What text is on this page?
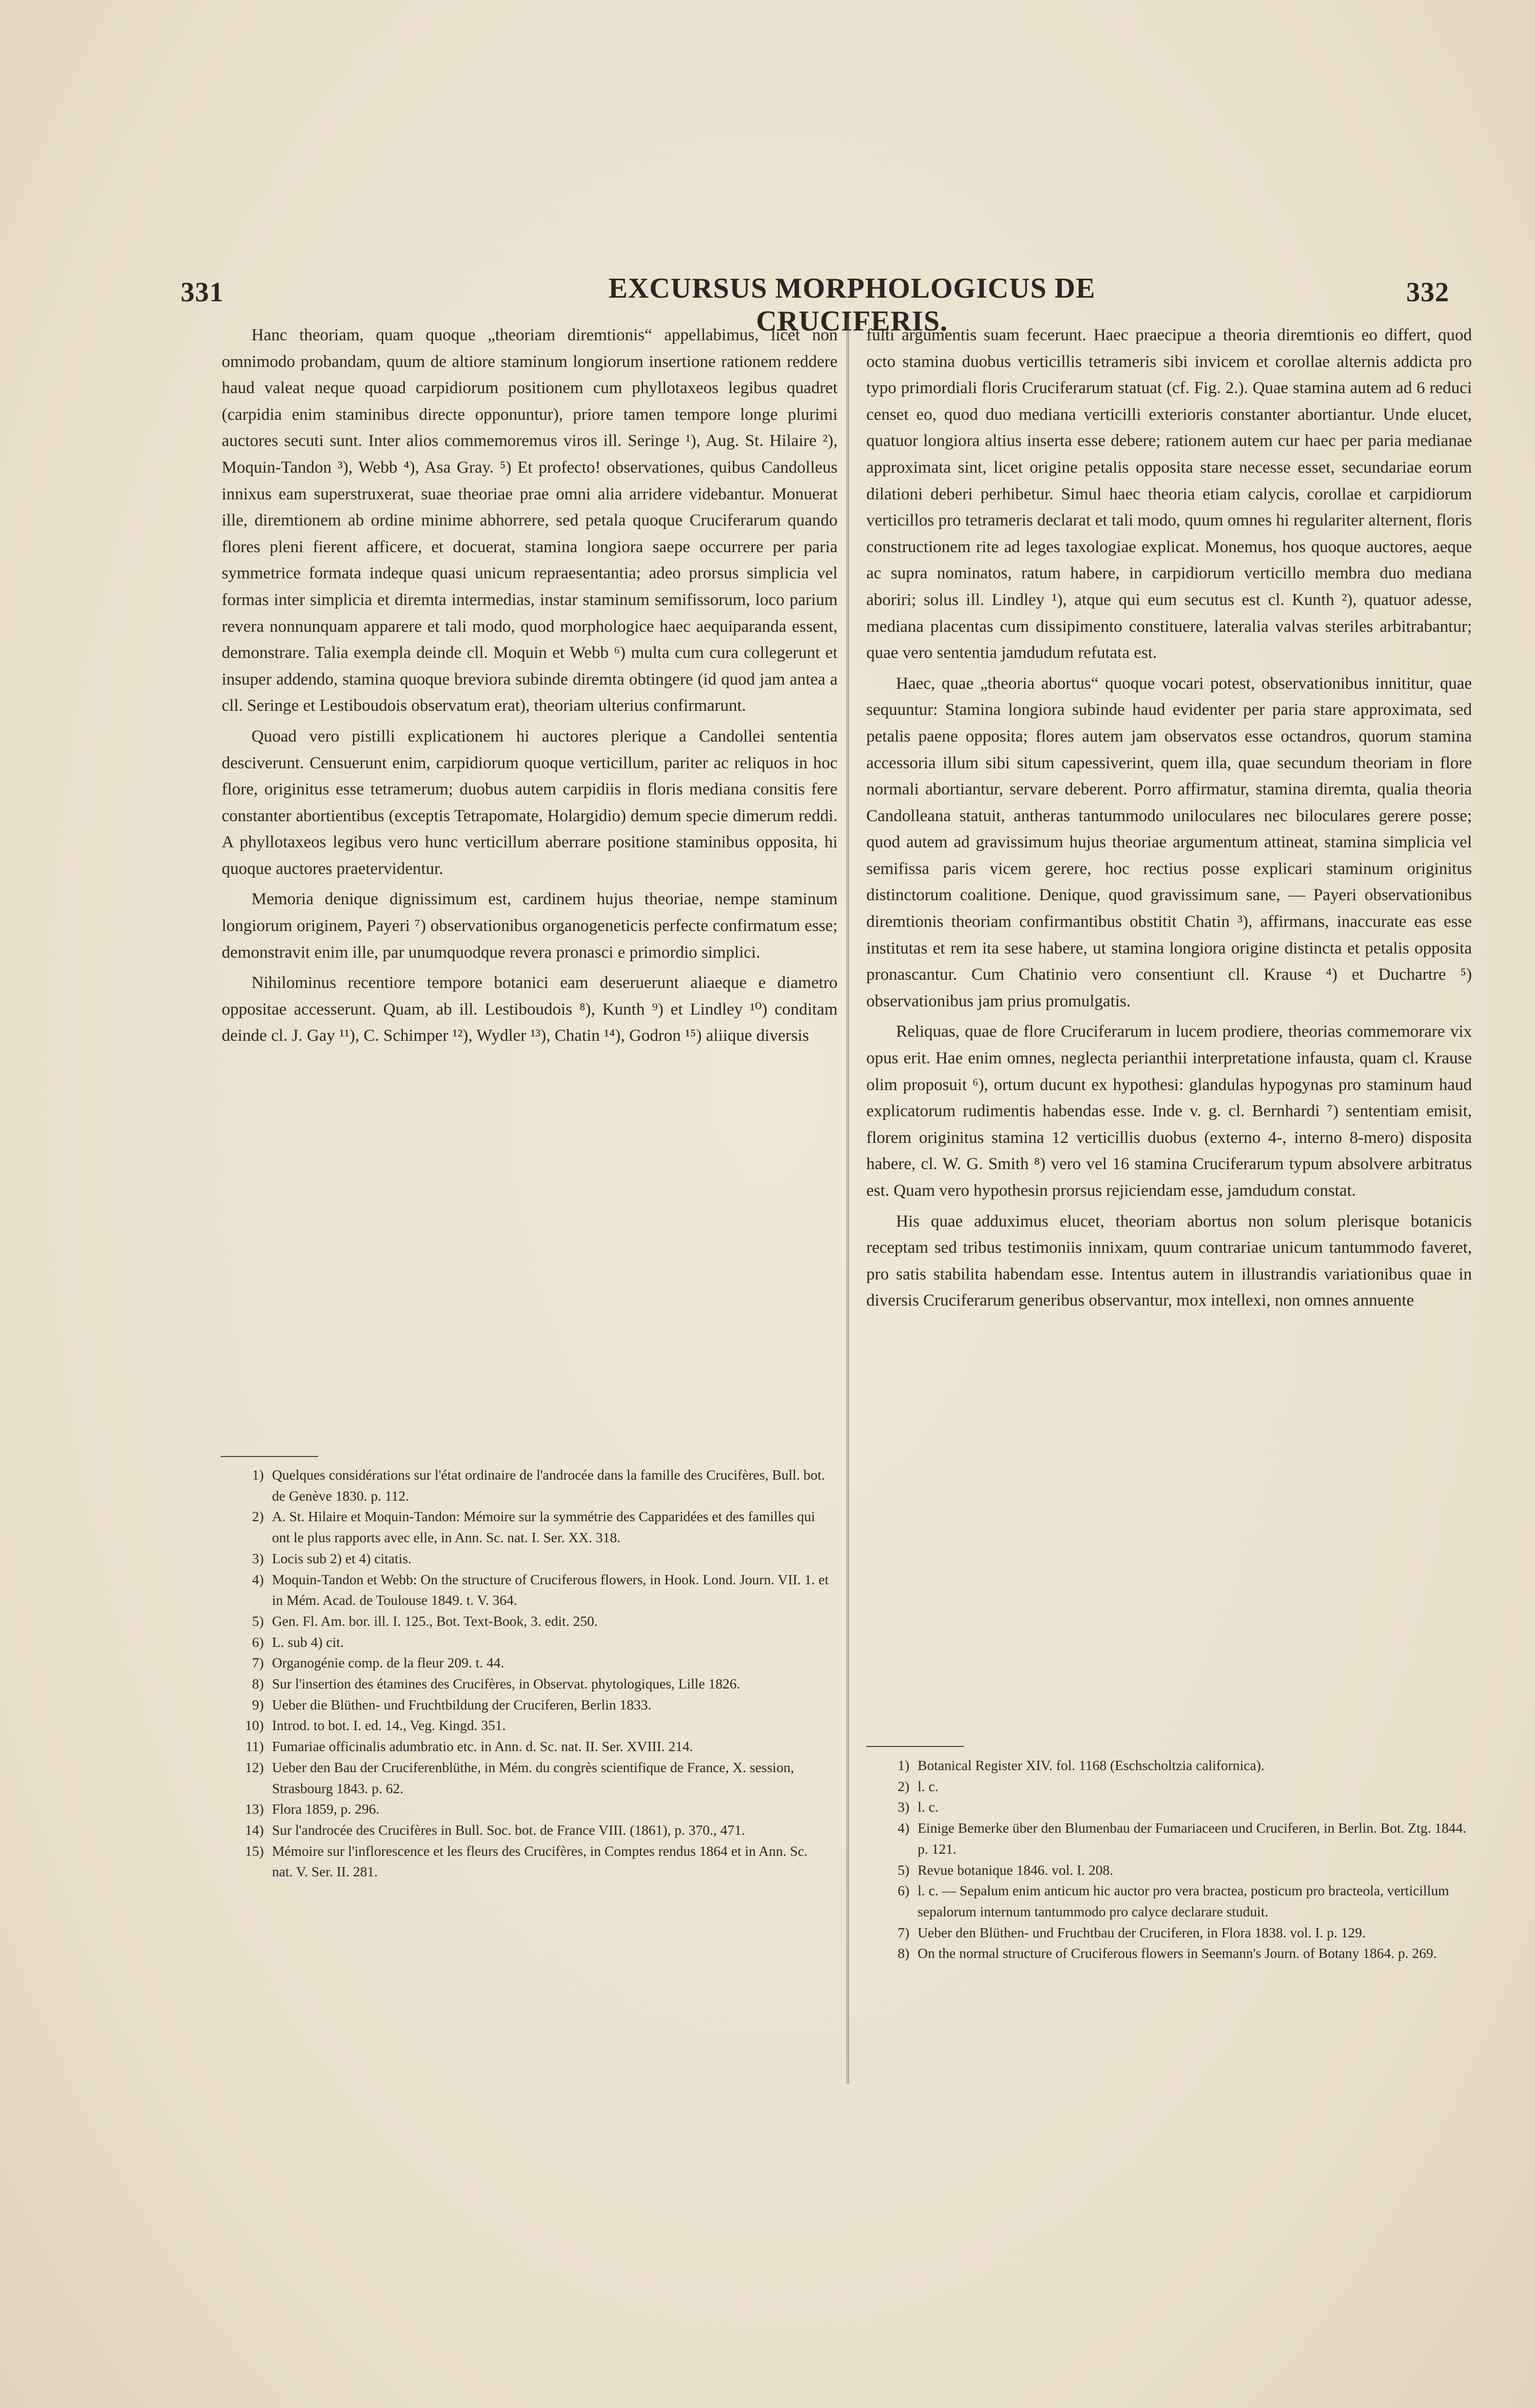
331	EXCURSUS MORPHOLOGICUS DE CRUCIFERIS.
332

Hanc theoriam, quam quoque „theoriam diremtionis“ appellabimus, licet non omnimodo probandam, quum de altiore staminum longiorum insertione rationem reddere haud valeat neque quoad carpidiorum positionem cum phyllotaxeos legibus quadret (carpidia enim staminibus directe opponuntur), priore tamen tempore longe plurimi auctores secuti sunt. Inter alios commemoremus viros ill. Seringe ¹), Aug. St. Hilaire ²), Moquin-Tandon ³), Webb ⁴), Asa Gray. ⁵) Et profecto! observationes, quibus Candolleus innixus eam superstruxerat, suae theoriae prae omni alia arridere videbantur. Monuerat ille, diremtionem ab ordine minime abhorrere, sed petala quoque Cruciferarum quando flores pleni fierent afficere, et docuerat, stamina longiora saepe occurrere per paria symmetrice formata indeque quasi unicum repraesentantia; adeo prorsus simplicia vel formas inter simplicia et diremta intermedias, instar staminum semifissorum, loco parium revera nonnunquam apparere et tali modo, quod morphologice haec aequiparanda essent, demonstrare. Talia exempla deinde cll. Moquin et Webb ⁶) multa cum cura collegerunt et insuper addendo, stamina quoque breviora subinde diremta obtingere (id quod jam antea a cll. Seringe et Lestiboudois observatum erat), theoriam ulterius confirmarunt.

Quoad vero pistilli explicationem hi auctores plerique a Candollei sententia desciverunt. Censuerunt enim, carpidiorum quoque verticillum, pariter ac reliquos in hoc flore, originitus esse tetramerum; duobus autem carpidiis in floris mediana consitis fere constanter abortientibus (exceptis Tetrapomate, Holargidio) demum specie dimerum reddi. A phyllotaxeos legibus vero hunc verticillum aberrare positione staminibus opposita, hi quoque auctores praetervidentur.

Memoria denique dignissimum est, cardinem hujus theoriae, nempe staminum longiorum originem, Payeri ⁷) observationibus organogeneticis perfecte confirmatum esse; demonstravit enim ille, par unumquodque revera pronasci e primordio simplici.

Nihilominus recentiore tempore botanici eam deseruerunt aliaeque e diametro oppositae accesserunt. Quam, ab ill. Lestiboudois ⁸), Kunth ⁹) et Lindley ¹⁰) conditam deinde cl. J. Gay ¹¹), C. Schimper ¹²), Wydler ¹³), Chatin ¹⁴), Godron ¹⁵) aliique diversis

fulti argumentis suam fecerunt. Haec praecipue a theoria diremtionis eo differt, quod octo stamina duobus verticillis tetrameris sibi invicem et corollae alternis addicta pro typo primordiali floris Cruciferarum statuat (cf. Fig. 2.). Quae stamina autem ad 6 reduci censet eo, quod duo mediana verticilli exterioris constanter abortiantur. Unde elucet, quatuor longiora altius inserta esse debere; rationem autem cur haec per paria medianae approximata sint, licet origine petalis opposita stare necesse esset, secundariae eorum dilationi deberi perhibetur. Simul haec theoria etiam calycis, corollae et carpidiorum verticillos pro tetrameris declarat et tali modo, quum omnes hi regulariter alternent, floris constructionem rite ad leges taxologiae explicat. Monemus, hos quoque auctores, aeque ac supra nominatos, ratum habere, in carpidiorum verticillo membra duo mediana aboriri; solus ill. Lindley ¹), atque qui eum secutus est cl. Kunth ²), quatuor adesse, mediana placentas cum dissipimento constituere, lateralia valvas steriles arbitrabantur; quae vero sententia jamdudum refutata est.

Haec, quae „theoria abortus“ quoque vocari potest, observationibus innititur, quae sequuntur: Stamina longiora subinde haud evidenter per paria stare approximata, sed petalis paene opposita; flores autem jam observatos esse octandros, quorum stamina accessoria illum sibi situm capessiverint, quem illa, quae secundum theoriam in flore normali abortiantur, servare deberent. Porro affirmatur, stamina diremta, qualia theoria Candolleana statuit, antheras tantummodo uniloculares nec biloculares gerere posse; quod autem ad gravissimum hujus theoriae argumentum attineat, stamina simplicia vel semifissa paris vicem gerere, hoc rectius posse explicari staminum originitus distinctorum coalitione. Denique, quod gravissimum sane, — Payeri observationibus diremtionis theoriam confirmantibus obstitit Chatin ³), affirmans, inaccurate eas esse institutas et rem ita sese habere, ut stamina longiora origine distincta et petalis opposita pronascantur. Cum Chatinio vero consentiunt cll. Krause ⁴) et Duchartre ⁵) observationibus jam prius promulgatis.

Reliquas, quae de flore Cruciferarum in lucem prodiere, theorias commemorare vix opus erit. Hae enim omnes, neglecta perianthii interpretatione infausta, quam cl. Krause olim proposuit ⁶), ortum ducunt ex hypothesi: glandulas hypogynas pro staminum haud explicatorum rudimentis habendas esse. Inde v. g. cl. Bernhardi ⁷) sententiam emisit, florem originitus stamina 12 verticillis duobus (externo 4-, interno 8-mero) disposita habere, cl. W. G. Smith ⁸) vero vel 16 stamina Cruciferarum typum absolvere arbitratus est. Quam vero hypothesin prorsus rejiciendam esse, jamdudum constat.

His quae adduximus elucet, theoriam abortus non solum plerisque botanicis receptam sed tribus testimoniis innixam, quum contrariae unicum tantummodo faveret, pro satis stabilita habendam esse. Intentus autem in illustrandis variationibus quae in diversis Cruciferarum generibus observantur, mox intellexi, non omnes annuente

1) Quelques considérations sur l'état ordinaire de l'androcée dans la famille des Crucifères, Bull. bot. de Genève 1830. p. 112.
2) A. St. Hilaire et Moquin-Tandon: Mémoire sur la symmétrie des Capparidées et des familles qui ont le plus rapports avec elle, in Ann. Sc. nat. I. Ser. XX. 318.
3) Locis sub 2) et 4) citatis.
4) Moquin-Tandon et Webb: On the structure of Cruciferous flowers, in Hook. Lond. Journ. VII. 1. et in Mém. Acad. de Toulouse 1849. t. V. 364.
5) Gen. Fl. Am. bor. ill. I. 125., Bot. Text-Book, 3. edit. 250.
6) L. sub 4) cit.
7) Organogénie comp. de la fleur 209. t. 44.
8) Sur l'insertion des étamines des Crucifères, in Observat. phytologiques, Lille 1826.
9) Ueber die Blüthen- und Fruchtbildung der Cruciferen, Berlin 1833.
10) Introd. to bot. I. ed. 14., Veg. Kingd. 351.
11) Fumariae officinalis adumbratio etc. in Ann. d. Sc. nat. II. Ser. XVIII. 214.
12) Ueber den Bau der Cruciferenblüthe, in Mém. du congrès scientifique de France, X. session, Strasbourg 1843. p. 62.
13) Flora 1859, p. 296.
14) Sur l'androcée des Crucifères in Bull. Soc. bot. de France VIII. (1861), p. 370., 471.
15) Mémoire sur l'inflorescence et les fleurs des Crucifères, in Comptes rendus 1864 et in Ann. Sc. nat. V. Ser. II. 281.
1) Botanical Register XIV. fol. 1168 (Eschscholtzia californica).
2) l. c.
3) l. c.
4) Einige Bemerke über den Blumenbau der Fumariaceen und Cruciferen, in Berlin. Bot. Ztg. 1844. p. 121.
5) Revue botanique 1846. vol. I. 208.
6) l. c. — Sepalum enim anticum hic auctor pro vera bractea, posticum pro bracteola, verticillum sepalorum internum tantummodo pro calyce declarare studuit.
7) Ueber den Blüthen- und Fruchtbau der Cruciferen, in Flora 1838. vol. I. p. 129.
8) On the normal structure of Cruciferous flowers in Seemann's Journ. of Botany 1864. p. 269.
